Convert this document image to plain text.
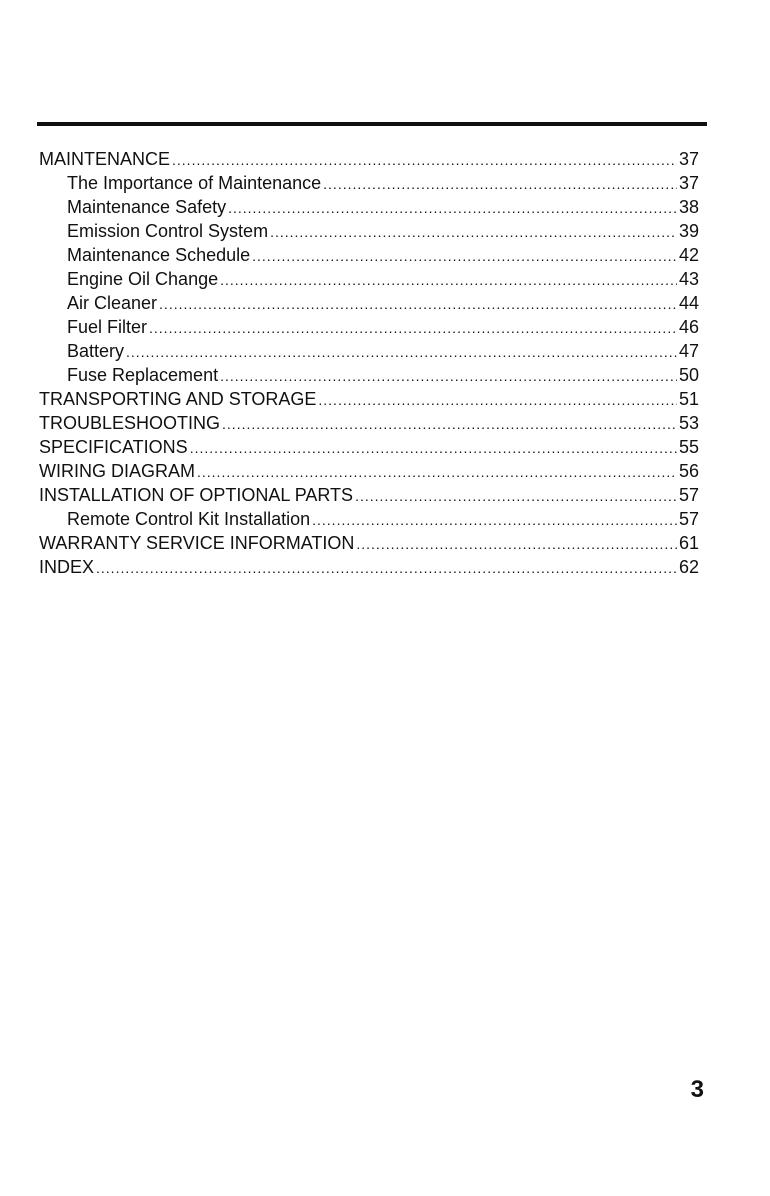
MAINTENANCE .....	37
The Importance of Maintenance .....	37
Maintenance Safety .....	38
Emission Control System .....	39
Maintenance Schedule .....	42
Engine Oil Change .....	43
Air Cleaner .....	44
Fuel Filter .....	46
Battery .....	47
Fuse Replacement .....	50
TRANSPORTING AND STORAGE .....	51
TROUBLESHOOTING .....	53
SPECIFICATIONS .....	55
WIRING DIAGRAM .....	56
INSTALLATION OF OPTIONAL PARTS .....	57
Remote Control Kit Installation .....	57
WARRANTY SERVICE INFORMATION .....	61
INDEX .....	62
3
